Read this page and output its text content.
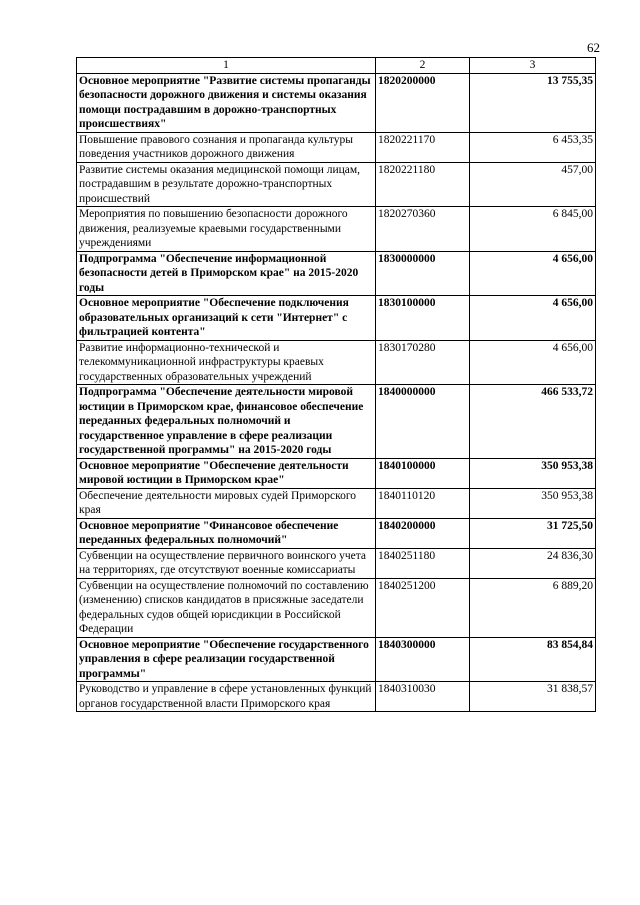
62
1	2	3
Основное мероприятие "Развитие системы пропаганды безопасности дорожного движения и системы оказания помощи пострадавшим в дорожно-транспортных происшествиях"	1820200000	13 755,35
Повышение правового сознания и пропаганда культуры поведения участников дорожного движения	1820221170	6 453,35
Развитие системы оказания медицинской помощи лицам, пострадавшим в результате дорожно-транспортных происшествий	1820221180	457,00
Мероприятия по повышению безопасности дорожного движения, реализуемые краевыми государственными учреждениями	1820270360	6 845,00
Подпрограмма "Обеспечение информационной безопасности детей в Приморском крае" на 2015-2020 годы	1830000000	4 656,00
Основное мероприятие "Обеспечение подключения образовательных организаций к сети "Интернет" с фильтрацией контента"	1830100000	4 656,00
Развитие информационно-технической и телекоммуникационной инфраструктуры краевых государственных образовательных учреждений	1830170280	4 656,00
Подпрограмма "Обеспечение деятельности мировой юстиции в Приморском крае, финансовое обеспечение переданных федеральных полномочий и государственное управление в сфере реализации государственной программы" на 2015-2020 годы	1840000000	466 533,72
Основное мероприятие "Обеспечение деятельности мировой юстиции в Приморском крае"	1840100000	350 953,38
Обеспечение деятельности мировых судей Приморского края	1840110120	350 953,38
Основное мероприятие "Финансовое обеспечение переданных федеральных полномочий"	1840200000	31 725,50
Субвенции на осуществление первичного воинского учета на территориях, где отсутствуют военные комиссариаты	1840251180	24 836,30
Субвенции на осуществление полномочий по составлению (изменению) списков кандидатов в присяжные заседатели федеральных судов общей юрисдикции в Российской Федерации	1840251200	6 889,20
Основное мероприятие "Обеспечение государственного управления в сфере реализации государственной программы"	1840300000	83 854,84
Руководство и управление в сфере установленных функций органов государственной власти Приморского края	1840310030	31 838,57
